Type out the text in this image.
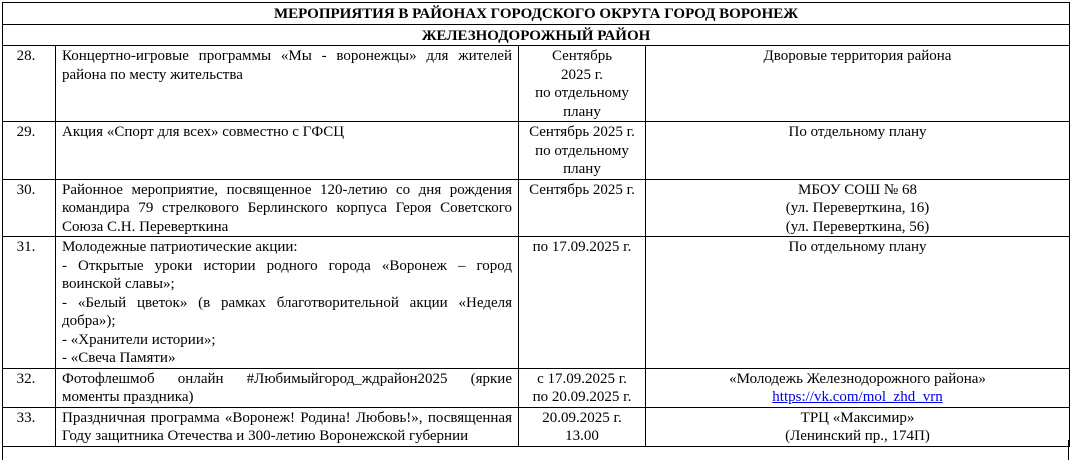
МЕРОПРИЯТИЯ В РАЙОНАХ ГОРОДСКОГО ОКРУГА ГОРОД ВОРОНЕЖ			
ЖЕЛЕЗНОДОРОЖНЫЙ РАЙОН			
28.	Концертно-игровые программы «Мы - воронежцы» для жителей района по месту жительства	Сентябрь
2025 г.
по отдельному
плану	Дворовые территория района

29.	Акция «Спорт для всех» совместно с ГФСЦ	Сентябрь 2025 г.
по отдельному
плану	По отдельному плану

30.	Районное мероприятие, посвященное 120-летию со дня рождения командира 79 стрелкового Берлинского корпуса Героя Советского Союза С.Н. Переверткина	Сентябрь 2025 г.	МБОУ СОШ № 68
(ул. Переверткина, 16)
(ул. Переверткина, 56)

31.	Молодежные патриотические акции:
- Открытые уроки истории родного города «Воронеж – город воинской славы»;
- «Белый цветок» (в рамках благотворительной акции «Неделя добра»);
- «Хранители истории»;
- «Свеча Памяти»	по 17.09.2025 г.	По отдельному плану

32.	Фотофлешмоб онлайн #Любимыйгород_ждрайон2025 (яркие моменты праздника)	с 17.09.2025 г.
по 20.09.2025 г.	«Молодежь Железнодорожного района»
https://vk.com/mol_zhd_vrn
33.	Праздничная программа «Воронеж! Родина! Любовь!», посвященная Году защитника Отечества и 300-летию Воронежской губернии	20.09.2025 г.
13.00	ТРЦ «Максимир»
(Ленинский пр., 174П)
